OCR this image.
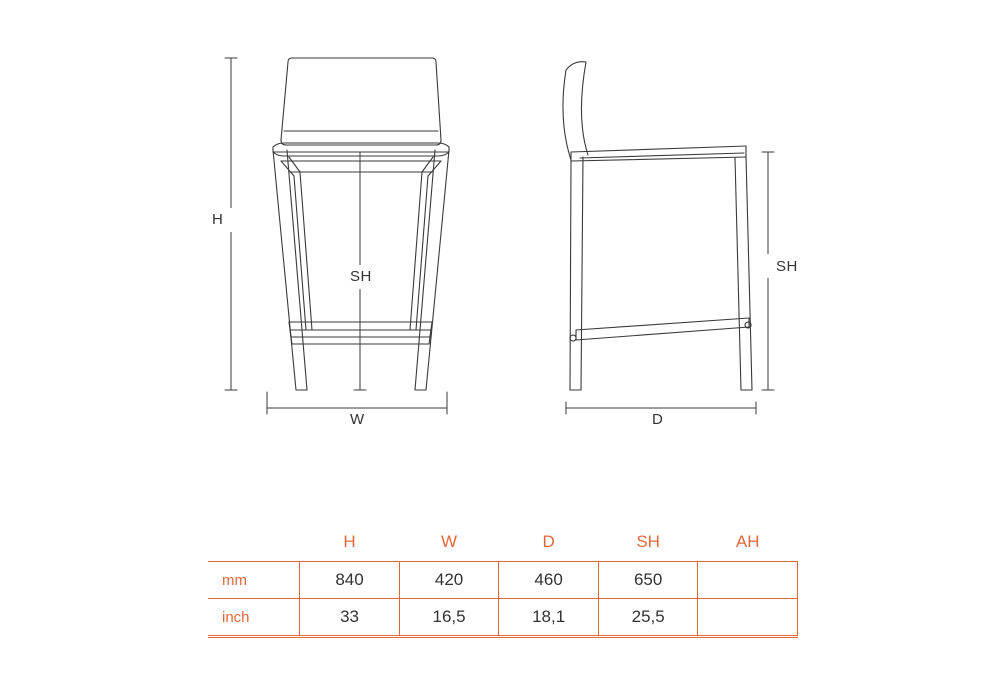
H
SH
W
SH
D
	H	W	D	SH	AH
mm	840	420	460	650	
inch	33	16,5	18,1	25,5	
